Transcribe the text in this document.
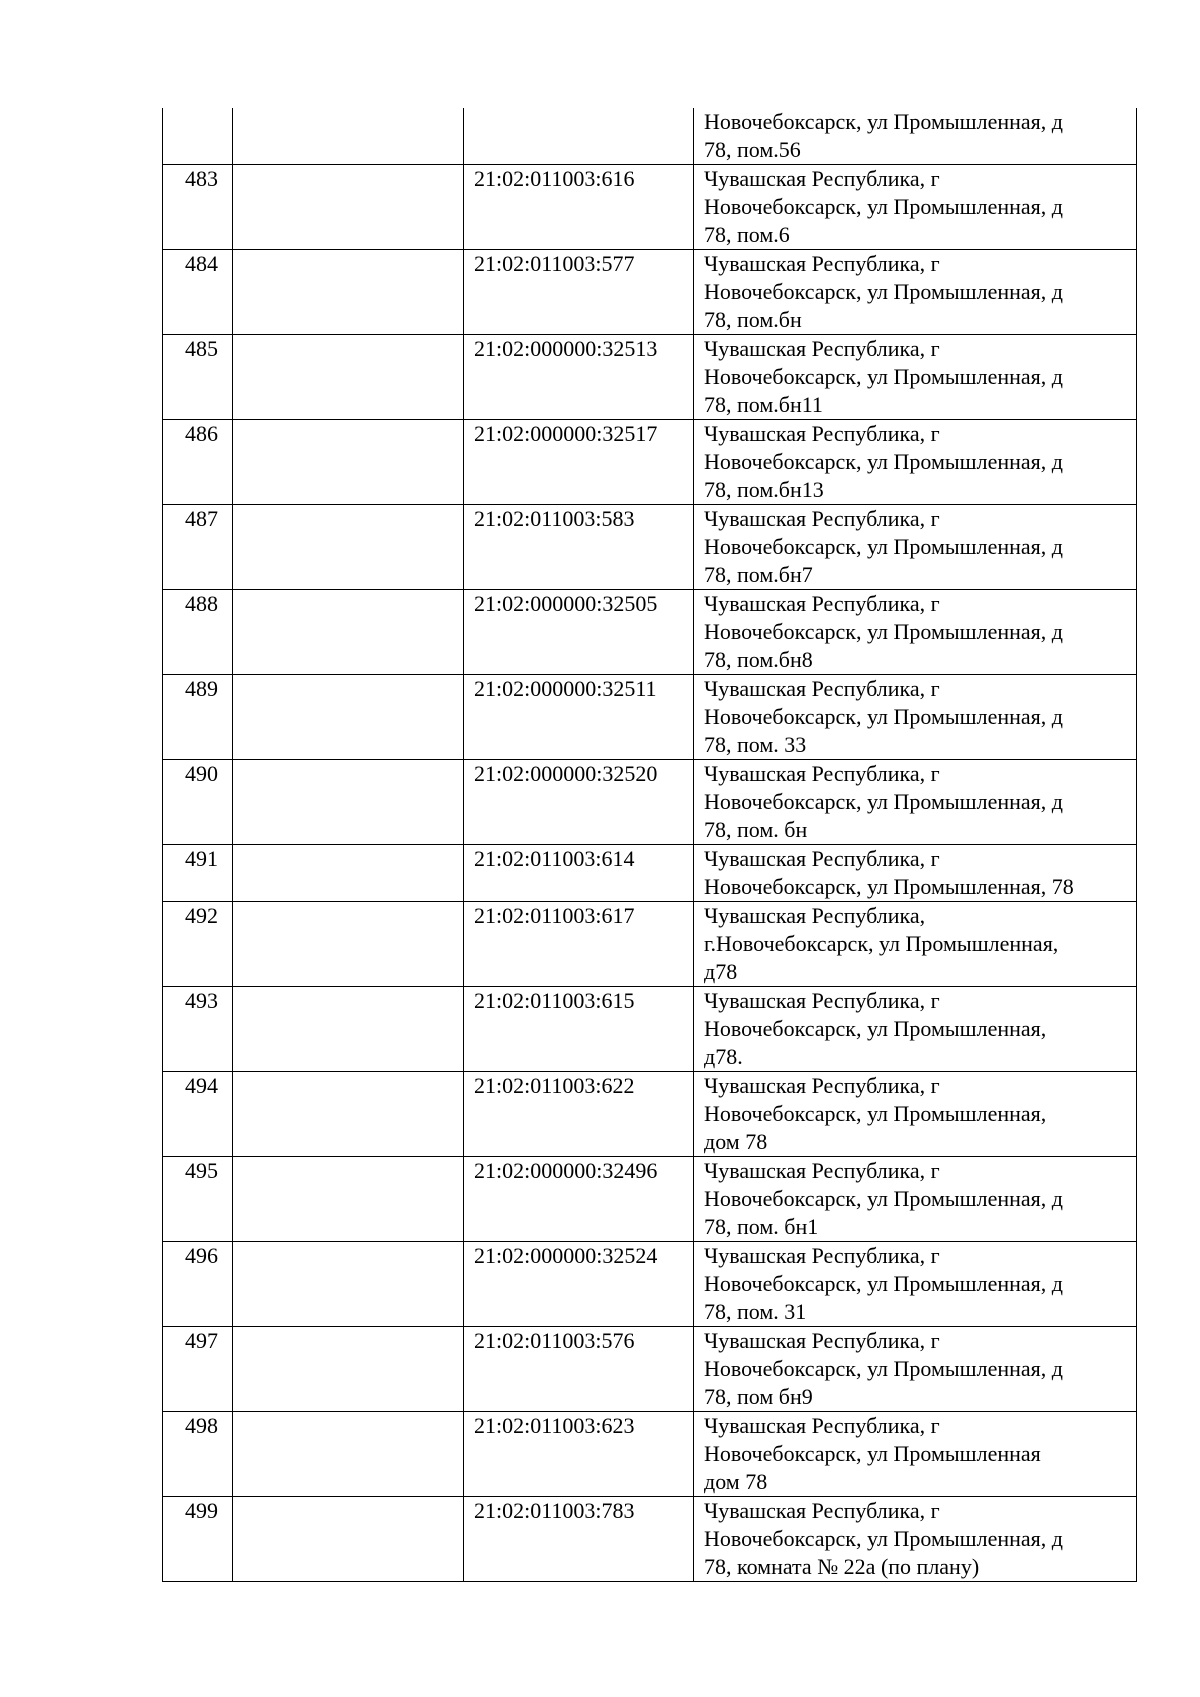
			Новочебоксарск, ул Промышленная, д
78, пом.56

483		21:02:011003:616	Чувашская Республика, г
Новочебоксарск, ул Промышленная, д
78, пом.6

484		21:02:011003:577	Чувашская Республика, г
Новочебоксарск, ул Промышленная, д
78, пом.бн

485		21:02:000000:32513	Чувашская Республика, г
Новочебоксарск, ул Промышленная, д
78, пом.бн11

486		21:02:000000:32517	Чувашская Республика, г
Новочебоксарск, ул Промышленная, д
78, пом.бн13

487		21:02:011003:583	Чувашская Республика, г
Новочебоксарск, ул Промышленная, д
78, пом.бн7

488		21:02:000000:32505	Чувашская Республика, г
Новочебоксарск, ул Промышленная, д
78, пом.бн8

489		21:02:000000:32511	Чувашская Республика, г
Новочебоксарск, ул Промышленная, д
78, пом. 33

490		21:02:000000:32520	Чувашская Республика, г
Новочебоксарск, ул Промышленная, д
78, пом. бн

491		21:02:011003:614	Чувашская Республика, г
Новочебоксарск, ул Промышленная, 78

492		21:02:011003:617	Чувашская Республика,
г.Новочебоксарск, ул Промышленная,
д78

493		21:02:011003:615	Чувашская Республика, г
Новочебоксарск, ул Промышленная,
д78.

494		21:02:011003:622	Чувашская Республика, г
Новочебоксарск, ул Промышленная,
дом 78

495		21:02:000000:32496	Чувашская Республика, г
Новочебоксарск, ул Промышленная, д
78, пом. бн1

496		21:02:000000:32524	Чувашская Республика, г
Новочебоксарск, ул Промышленная, д
78, пом. 31

497		21:02:011003:576	Чувашская Республика, г
Новочебоксарск, ул Промышленная, д
78, пом бн9

498		21:02:011003:623	Чувашская Республика, г
Новочебоксарск, ул Промышленная
дом 78

499		21:02:011003:783	Чувашская Республика, г
Новочебоксарск, ул Промышленная, д
78, комната № 22а (по плану)
